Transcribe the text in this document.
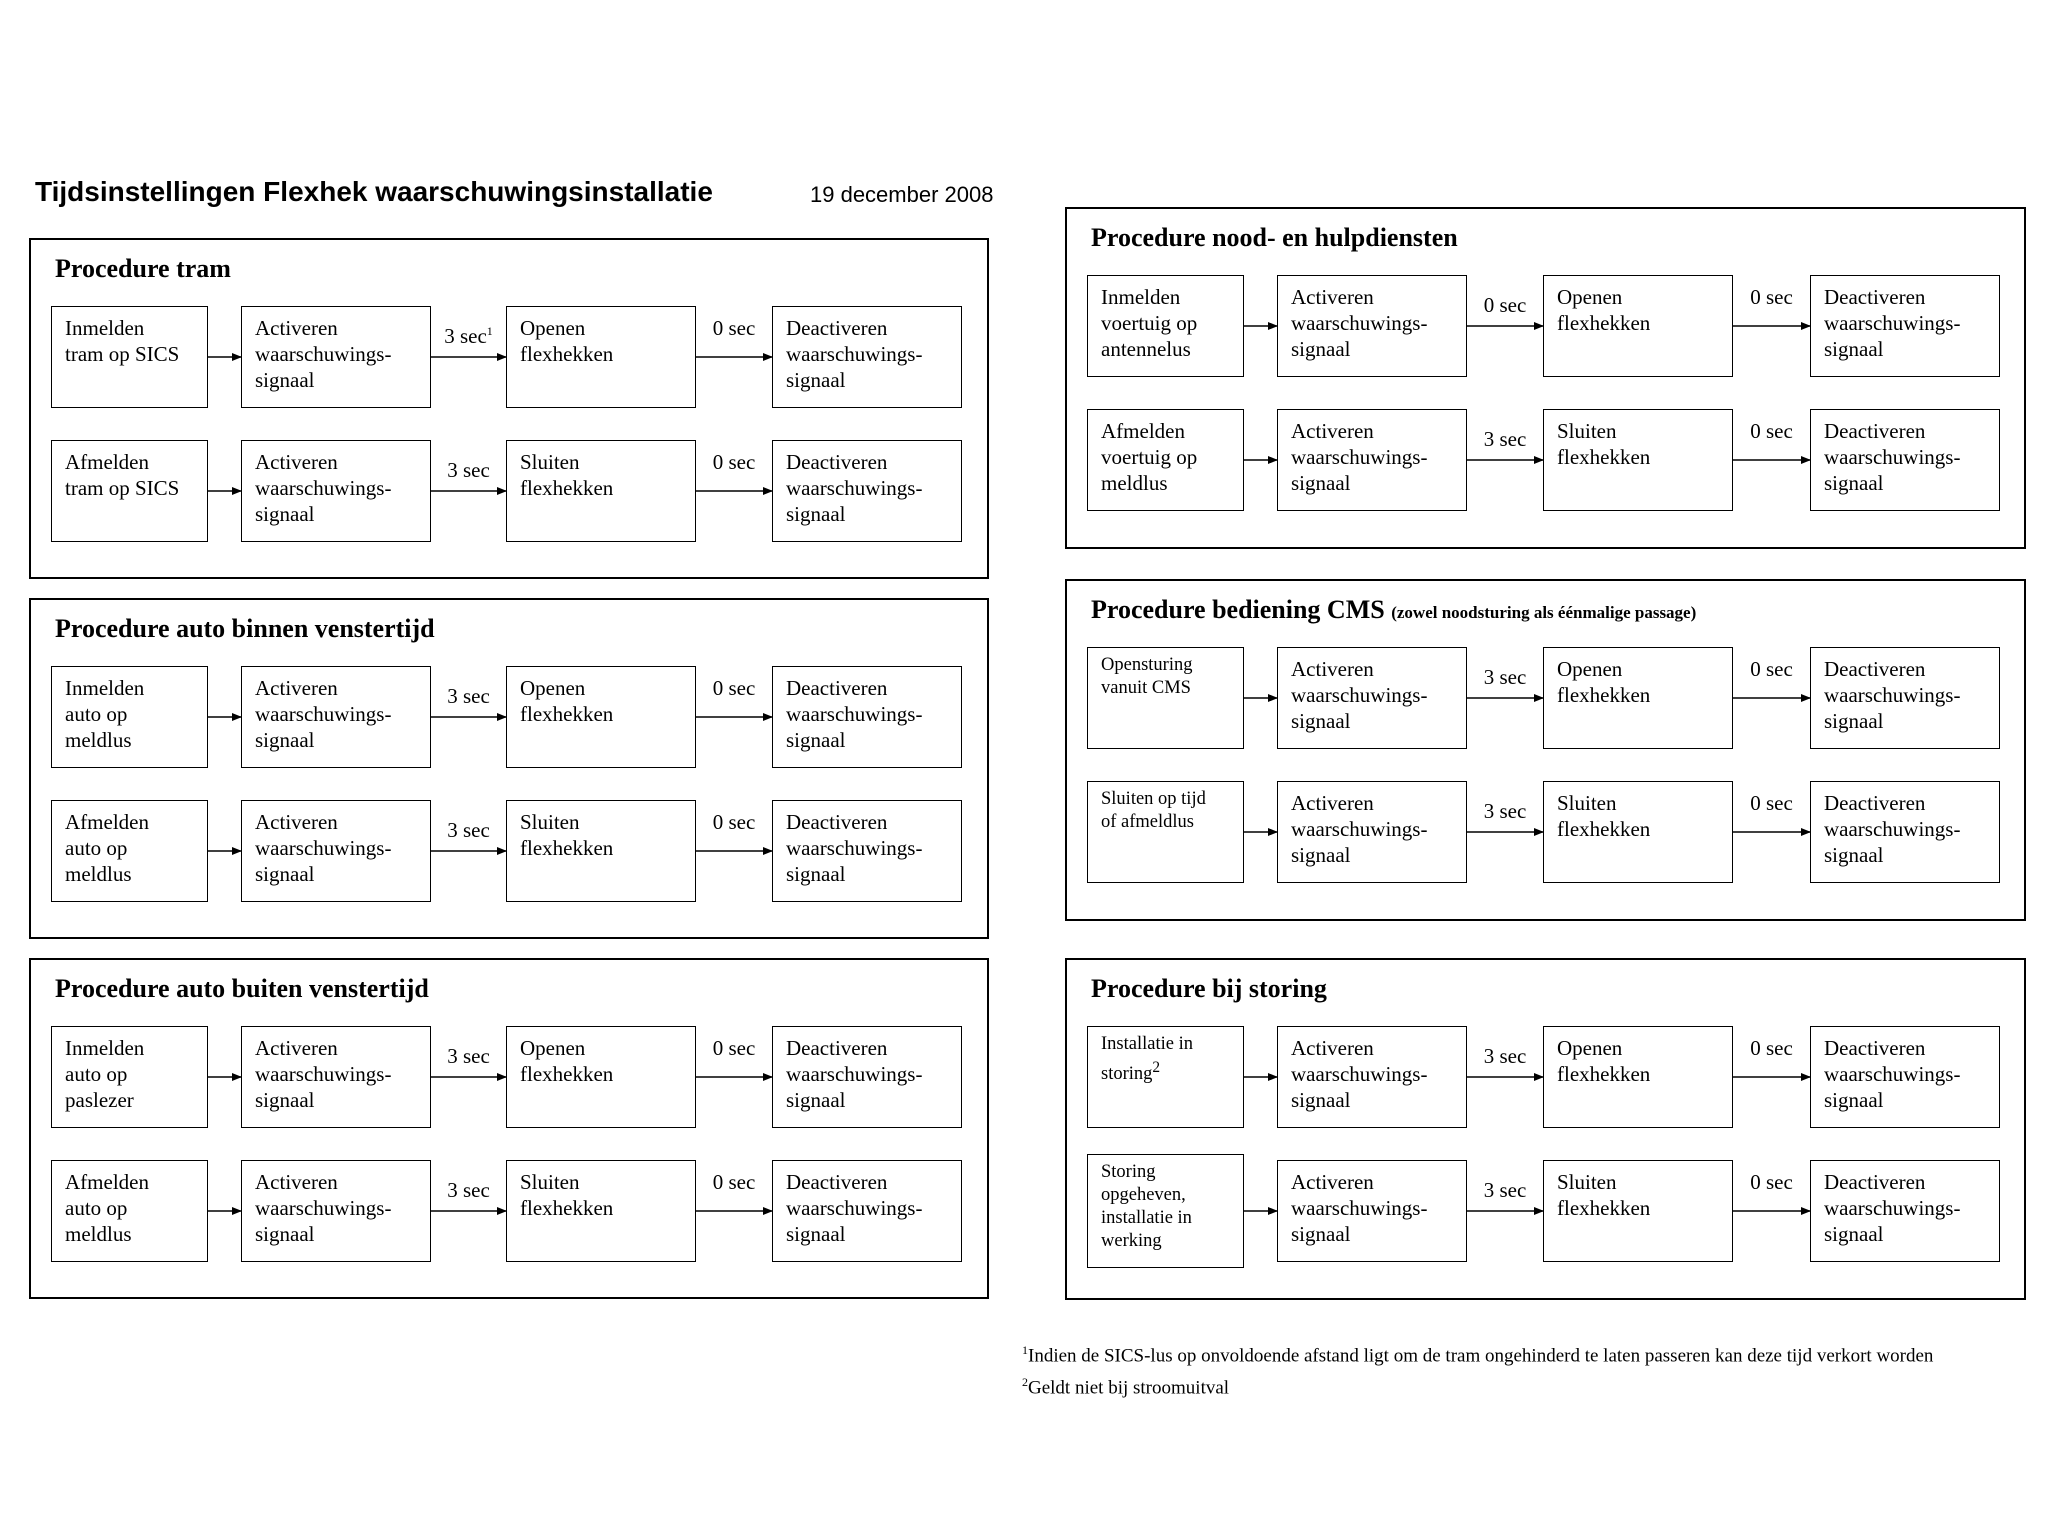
Tijdsinstellingen Flexhek waarschuwingsinstallatie	19 december 2008
Procedure tram
Inmelden
tram op SICS
Activeren
waarschuwings-
signaal
Openen
flexhekken
Deactiveren
waarschuwings-
signaal
3 $\sec^1$	0 sec
Afmelden
tram op SICS
Activeren
waarschuwings-
signaal
Sluiten
flexhekken
Deactiveren
waarschuwings-
signaal
3 sec	0 sec
Procedure auto binnen venstertijd
Inmelden
auto op
meldlus
Activeren
waarschuwings-
signaal
Openen
flexhekken
Deactiveren
waarschuwings-
signaal
3 sec	0 sec
Afmelden
auto op
meldlus
Activeren
waarschuwings-
signaal
Sluiten
flexhekken
Deactiveren
waarschuwings-
signaal
3 sec	0 sec
Procedure auto buiten venstertijd
Inmelden
auto op
paslezer
Activeren
waarschuwings-
signaal
Openen
flexhekken
Deactiveren
waarschuwings-
signaal
3 sec	0 sec
Afmelden
auto op
meldlus
Activeren
waarschuwings-
signaal
Sluiten
flexhekken
Deactiveren
waarschuwings-
signaal
3 sec	0 sec
Procedure nood- en hulpdiensten
Inmelden
voertuig op
antennelus
Activeren
waarschuwings-
signaal
Openen
flexhekken
Deactiveren
waarschuwings-
signaal
0 sec	0 sec
Afmelden
voertuig op
meldlus
Activeren
waarschuwings-
signaal
Sluiten
flexhekken
Deactiveren
waarschuwings-
signaal
3 sec	0 sec
Procedure bediening CMS (zowel noodsturing als éénmalige passage)
Opensturing
vanuit CMS
Activeren
waarschuwings-
signaal
Openen
flexhekken
Deactiveren
waarschuwings-
signaal
3 sec	0 sec
Sluiten op tijd
of afmeldlus
Activeren
waarschuwings-
signaal
Sluiten
flexhekken
Deactiveren
waarschuwings-
signaal
3 sec	0 sec
Procedure bij storing
Installatie in
storing$^2$
Activeren
waarschuwings-
signaal
Openen
flexhekken
Deactiveren
waarschuwings-
signaal
3 sec	0 sec
Storing
opgeheven,
installatie in
werking
Activeren
waarschuwings-
signaal
Sluiten
flexhekken
Deactiveren
waarschuwings-
signaal
3 sec	0 sec
$^1$Indien de SICS-lus op onvoldoende afstand ligt om de tram ongehinderd te laten passeren kan deze tijd verkort worden
$^2$Geldt niet bij stroomuitval
